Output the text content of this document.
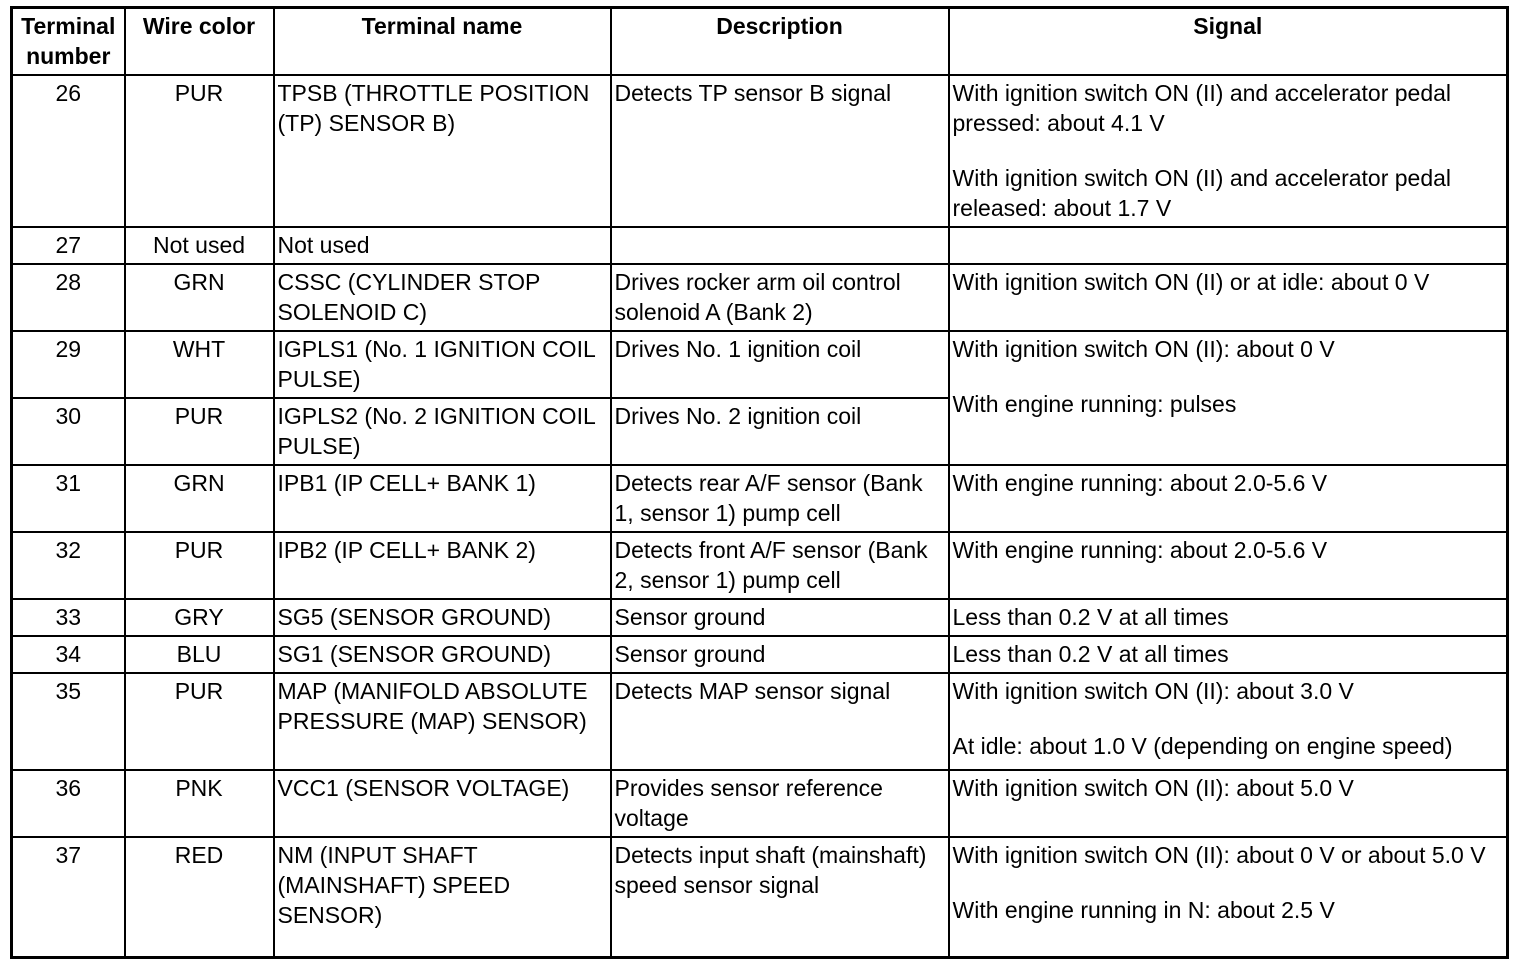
Terminal number	Wire color	Terminal name	Description	Signal
26	PUR	TPSB (THROTTLE POSITION (TP) SENSOR B)	Detects TP sensor B signal	With ignition switch ON (II) and accelerator pedal pressed: about 4.1 V

With ignition switch ON (II) and accelerator pedal released: about 1.7 V

27	Not used	Not used		
28	GRN	CSSC (CYLINDER STOP SOLENOID C)	Drives rocker arm oil control solenoid A (Bank 2)	With ignition switch ON (II) or at idle: about 0 V

29	WHT	IGPLS1 (No. 1 IGNITION COIL PULSE)	Drives No. 1 ignition coil	With ignition switch ON (II): about 0 V

With engine running: pulses

30	PUR	IGPLS2 (No. 2 IGNITION COIL PULSE)	Drives No. 2 ignition coil	
31	GRN	IPB1 (IP CELL+ BANK 1)	Detects rear A/F sensor (Bank 1, sensor 1) pump cell	With engine running: about 2.0-5.6 V

32	PUR	IPB2 (IP CELL+ BANK 2)	Detects front A/F sensor (Bank 2, sensor 1) pump cell	With engine running: about 2.0-5.6 V

33	GRY	SG5 (SENSOR GROUND)	Sensor ground	Less than 0.2 V at all times

34	BLU	SG1 (SENSOR GROUND)	Sensor ground	Less than 0.2 V at all times

35	PUR	MAP (MANIFOLD ABSOLUTE PRESSURE (MAP) SENSOR)	Detects MAP sensor signal	With ignition switch ON (II): about 3.0 V

At idle: about 1.0 V (depending on engine speed)

36	PNK	VCC1 (SENSOR VOLTAGE)	Provides sensor reference voltage	With ignition switch ON (II): about 5.0 V

37	RED	NM (INPUT SHAFT (MAINSHAFT) SPEED SENSOR)	Detects input shaft (mainshaft) speed sensor signal	With ignition switch ON (II): about 0 V or about 5.0 V

With engine running in N: about 2.5 V
